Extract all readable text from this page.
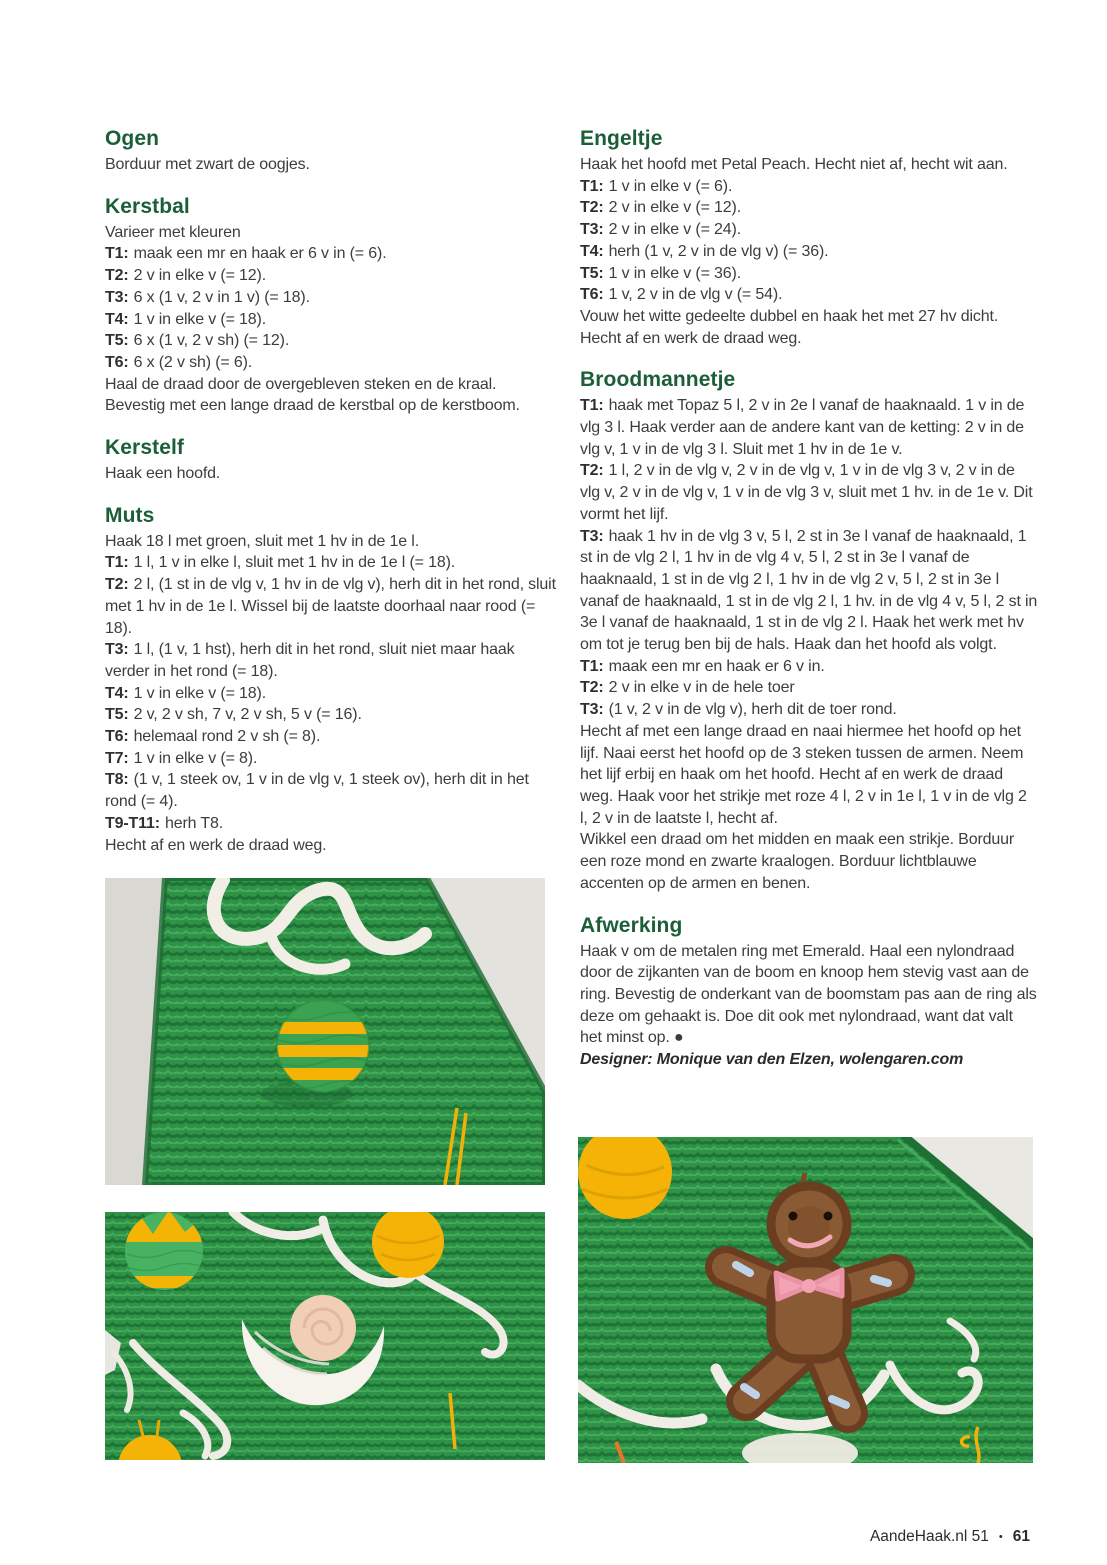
Ogen

Borduur met zwart de oogjes.

Kerstbal

Varieer met kleuren

T1: maak een mr en haak er 6 v in (= 6).

T2: 2 v in elke v (= 12).

T3: 6 x (1 v, 2 v in 1 v) (= 18).

T4: 1 v in elke v (= 18).

T5: 6 x (1 v, 2 v sh) (= 12).

T6: 6 x (2 v sh) (= 6).

Haal de draad door de overgebleven steken en de kraal. Bevestig met een lange draad de kerstbal op de kerstboom.

Kerstelf

Haak een hoofd.

Muts

Haak 18 l met groen, sluit met 1 hv in de 1e l.

T1: 1 l, 1 v in elke l, sluit met 1 hv in de 1e l (= 18).

T2: 2 l, (1 st in de vlg v, 1 hv in de vlg v), herh dit in het rond, sluit met 1 hv in de 1e l. Wissel bij de laatste doorhaal naar rood (= 18).

T3: 1 l, (1 v, 1 hst), herh dit in het rond, sluit niet maar haak verder in het rond (= 18).

T4: 1 v in elke v (= 18).

T5: 2 v, 2 v sh, 7 v, 2 v sh, 5 v (= 16).

T6: helemaal rond 2 v sh (= 8).

T7: 1 v in elke v (= 8).

T8: (1 v, 1 steek ov, 1 v in de vlg v, 1 steek ov), herh dit in het rond (= 4).

T9-T11: herh T8.

Hecht af en werk de draad weg.

Engeltje

Haak het hoofd met Petal Peach. Hecht niet af, hecht wit aan.

T1: 1 v in elke v (= 6).

T2: 2 v in elke v (= 12).

T3: 2 v in elke v (= 24).

T4: herh (1 v, 2 v in de vlg v) (= 36).

T5: 1 v in elke v (= 36).

T6: 1 v, 2 v in de vlg v (= 54).

Vouw het witte gedeelte dubbel en haak het met 27 hv dicht. Hecht af en werk de draad weg.

Broodmannetje

T1: haak met Topaz 5 l, 2 v in 2e l vanaf de haaknaald. 1 v in de vlg 3 l. Haak verder aan de andere kant van de ketting: 2 v in de vlg v, 1 v in de vlg 3 l. Sluit met 1 hv in de 1e v.

T2: 1 l, 2 v in de vlg v, 2 v in de vlg v, 1 v in de vlg 3 v, 2 v in de vlg v, 2 v in de vlg v, 1 v in de vlg 3 v, sluit met 1 hv. in de 1e v. Dit vormt het lijf.

T3: haak 1 hv in de vlg 3 v, 5 l, 2 st in 3e l vanaf de haaknaald, 1 st in de vlg 2 l, 1 hv in de vlg 4 v, 5 l, 2 st in 3e l vanaf de haaknaald, 1 st in de vlg 2 l, 1 hv in de vlg 2 v, 5 l, 2 st in 3e l vanaf de haaknaald, 1 st in de vlg 2 l, 1 hv. in de vlg 4 v, 5 l, 2 st in 3e l vanaf de haaknaald, 1 st in de vlg 2 l. Haak het werk met hv om tot je terug ben bij de hals. Haak dan het hoofd als volgt.

T1: maak een mr en haak er 6 v in.

T2: 2 v in elke v in de hele toer

T3: (1 v, 2 v in de vlg v), herh dit de toer rond.

Hecht af met een lange draad en naai hiermee het hoofd op het lijf. Naai eerst het hoofd op de 3 steken tussen de armen. Neem het lijf erbij en haak om het hoofd. Hecht af en werk de draad weg. Haak voor het strikje met roze 4 l, 2 v in 1e l, 1 v in de vlg 2 l, 2 v in de laatste l, hecht af.

Wikkel een draad om het midden en maak een strikje. Borduur een roze mond en zwarte kraalogen. Borduur lichtblauwe accenten op de armen en benen.

Afwerking

Haak v om de metalen ring met Emerald. Haal een nylondraad door de zijkanten van de boom en knoop hem stevig vast aan de ring. Bevestig de onderkant van de boomstam pas aan de ring als deze om gehaakt is. Doe dit ook met nylondraad, want dat valt het minst op. ●

Designer: Monique van den Elzen, wolengaren.com

AandeHaak.nl 51 • 61
